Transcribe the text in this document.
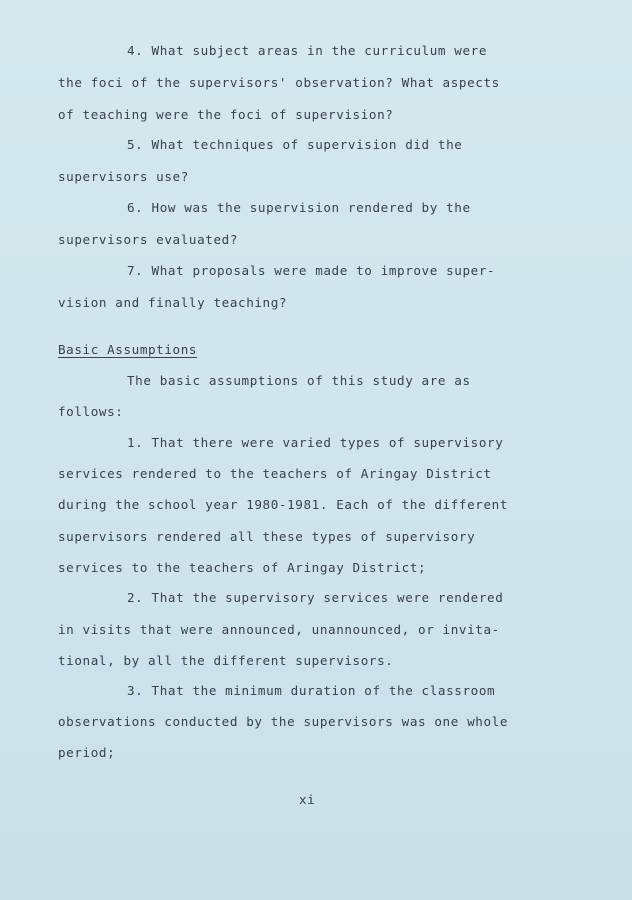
4. What subject areas in the curriculum were
the foci of the supervisors' observation? What aspects
of teaching were the foci of supervision?
5. What techniques of supervision did the
supervisors use?
6. How was the supervision rendered by the
supervisors evaluated?
7. What proposals were made to improve super-
vision and finally teaching?
Basic Assumptions
The basic assumptions of this study are as
follows:
1. That there were varied types of supervisory
services rendered to the teachers of Aringay District
during the school year 1980-1981. Each of the different
supervisors rendered all these types of supervisory
services to the teachers of Aringay District;
2. That the supervisory services were rendered
in visits that were announced, unannounced, or invita-
tional, by all the different supervisors.
3. That the minimum duration of the classroom
observations conducted by the supervisors was one whole
period;
xi
